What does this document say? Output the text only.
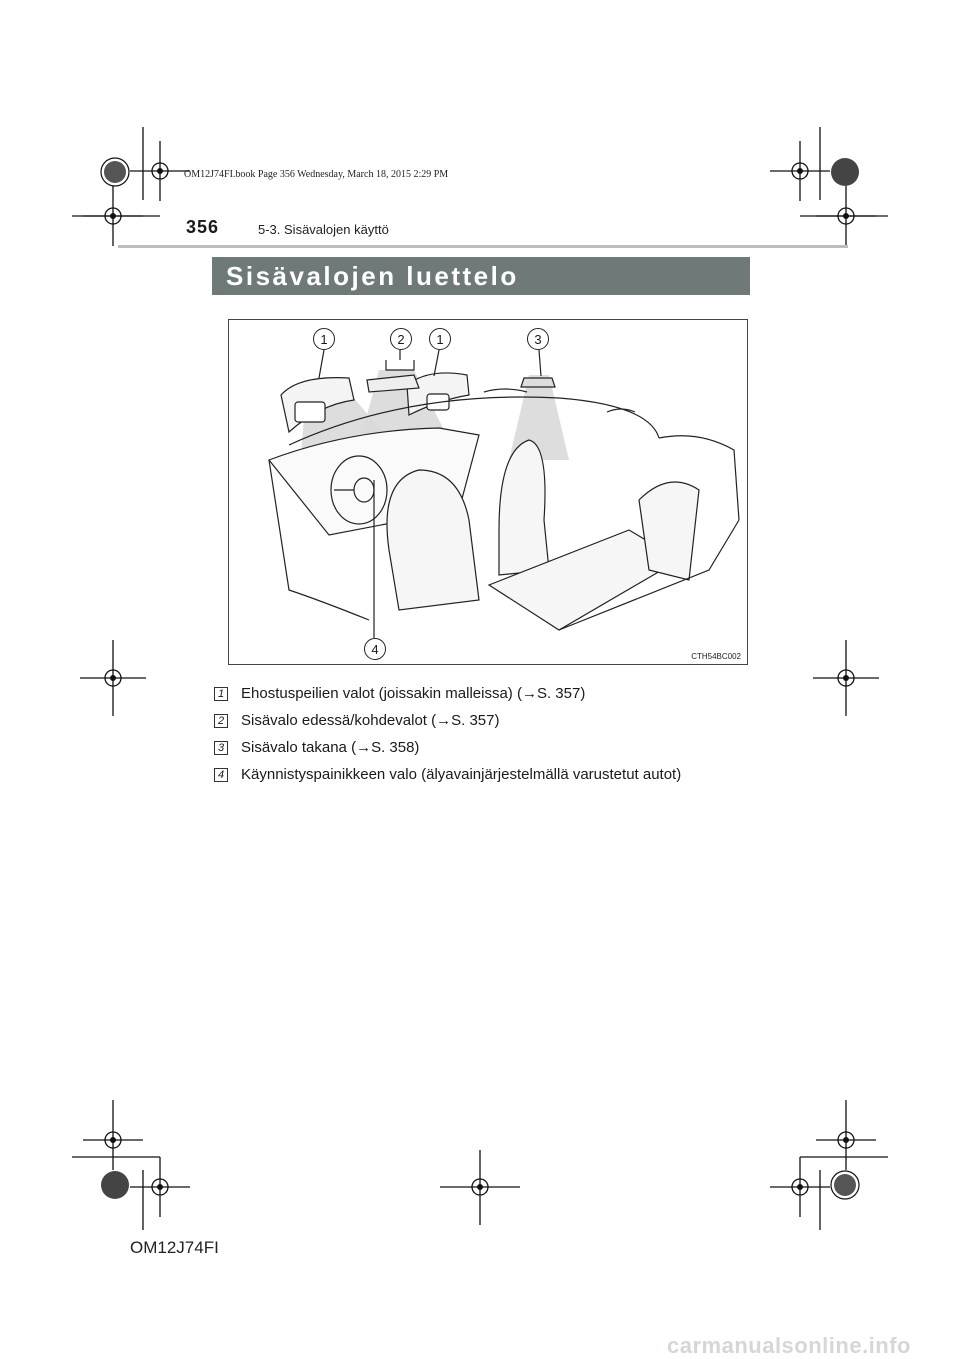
OM12J74FI.book Page 356 Wednesday, March 18, 2015 2:29 PM
356	5-3. Sisävalojen käyttö
Sisävalojen luettelo
1	2 1	3
4	CTH54BC002
1 Ehostuspeilien valot (joissakin malleissa) (→S. 357)
2 Sisävalo edessä/kohdevalot (→S. 357)
3 Sisävalo takana (→S. 358)
4 Käynnistyspainikkeen valo (älyavainjärjestelmällä varustetut autot)
OM12J74FI
carmanualsonline.info
